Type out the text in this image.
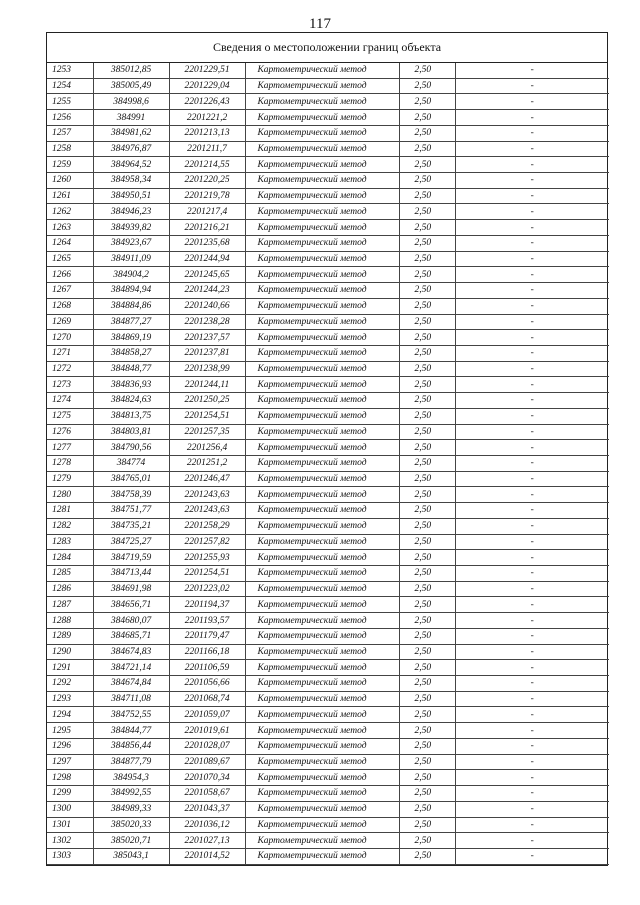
117
Сведения о местоположении границ объекта
1253	385012,85	2201229,51	Картометрический метод	2,50	-
1254	385005,49	2201229,04	Картометрический метод	2,50	-
1255	384998,6	2201226,43	Картометрический метод	2,50	-
1256	384991	2201221,2	Картометрический метод	2,50	-
1257	384981,62	2201213,13	Картометрический метод	2,50	-
1258	384976,87	2201211,7	Картометрический метод	2,50	-
1259	384964,52	2201214,55	Картометрический метод	2,50	-
1260	384958,34	2201220,25	Картометрический метод	2,50	-
1261	384950,51	2201219,78	Картометрический метод	2,50	-
1262	384946,23	2201217,4	Картометрический метод	2,50	-
1263	384939,82	2201216,21	Картометрический метод	2,50	-
1264	384923,67	2201235,68	Картометрический метод	2,50	-
1265	384911,09	2201244,94	Картометрический метод	2,50	-
1266	384904,2	2201245,65	Картометрический метод	2,50	-
1267	384894,94	2201244,23	Картометрический метод	2,50	-
1268	384884,86	2201240,66	Картометрический метод	2,50	-
1269	384877,27	2201238,28	Картометрический метод	2,50	-
1270	384869,19	2201237,57	Картометрический метод	2,50	-
1271	384858,27	2201237,81	Картометрический метод	2,50	-
1272	384848,77	2201238,99	Картометрический метод	2,50	-
1273	384836,93	2201244,11	Картометрический метод	2,50	-
1274	384824,63	2201250,25	Картометрический метод	2,50	-
1275	384813,75	2201254,51	Картометрический метод	2,50	-
1276	384803,81	2201257,35	Картометрический метод	2,50	-
1277	384790,56	2201256,4	Картометрический метод	2,50	-
1278	384774	2201251,2	Картометрический метод	2,50	-
1279	384765,01	2201246,47	Картометрический метод	2,50	-
1280	384758,39	2201243,63	Картометрический метод	2,50	-
1281	384751,77	2201243,63	Картометрический метод	2,50	-
1282	384735,21	2201258,29	Картометрический метод	2,50	-
1283	384725,27	2201257,82	Картометрический метод	2,50	-
1284	384719,59	2201255,93	Картометрический метод	2,50	-
1285	384713,44	2201254,51	Картометрический метод	2,50	-
1286	384691,98	2201223,02	Картометрический метод	2,50	-
1287	384656,71	2201194,37	Картометрический метод	2,50	-
1288	384680,07	2201193,57	Картометрический метод	2,50	-
1289	384685,71	2201179,47	Картометрический метод	2,50	-
1290	384674,83	2201166,18	Картометрический метод	2,50	-
1291	384721,14	2201106,59	Картометрический метод	2,50	-
1292	384674,84	2201056,66	Картометрический метод	2,50	-
1293	384711,08	2201068,74	Картометрический метод	2,50	-
1294	384752,55	2201059,07	Картометрический метод	2,50	-
1295	384844,77	2201019,61	Картометрический метод	2,50	-
1296	384856,44	2201028,07	Картометрический метод	2,50	-
1297	384877,79	2201089,67	Картометрический метод	2,50	-
1298	384954,3	2201070,34	Картометрический метод	2,50	-
1299	384992,55	2201058,67	Картометрический метод	2,50	-
1300	384989,33	2201043,37	Картометрический метод	2,50	-
1301	385020,33	2201036,12	Картометрический метод	2,50	-
1302	385020,71	2201027,13	Картометрический метод	2,50	-
1303	385043,1	2201014,52	Картометрический метод	2,50	-
